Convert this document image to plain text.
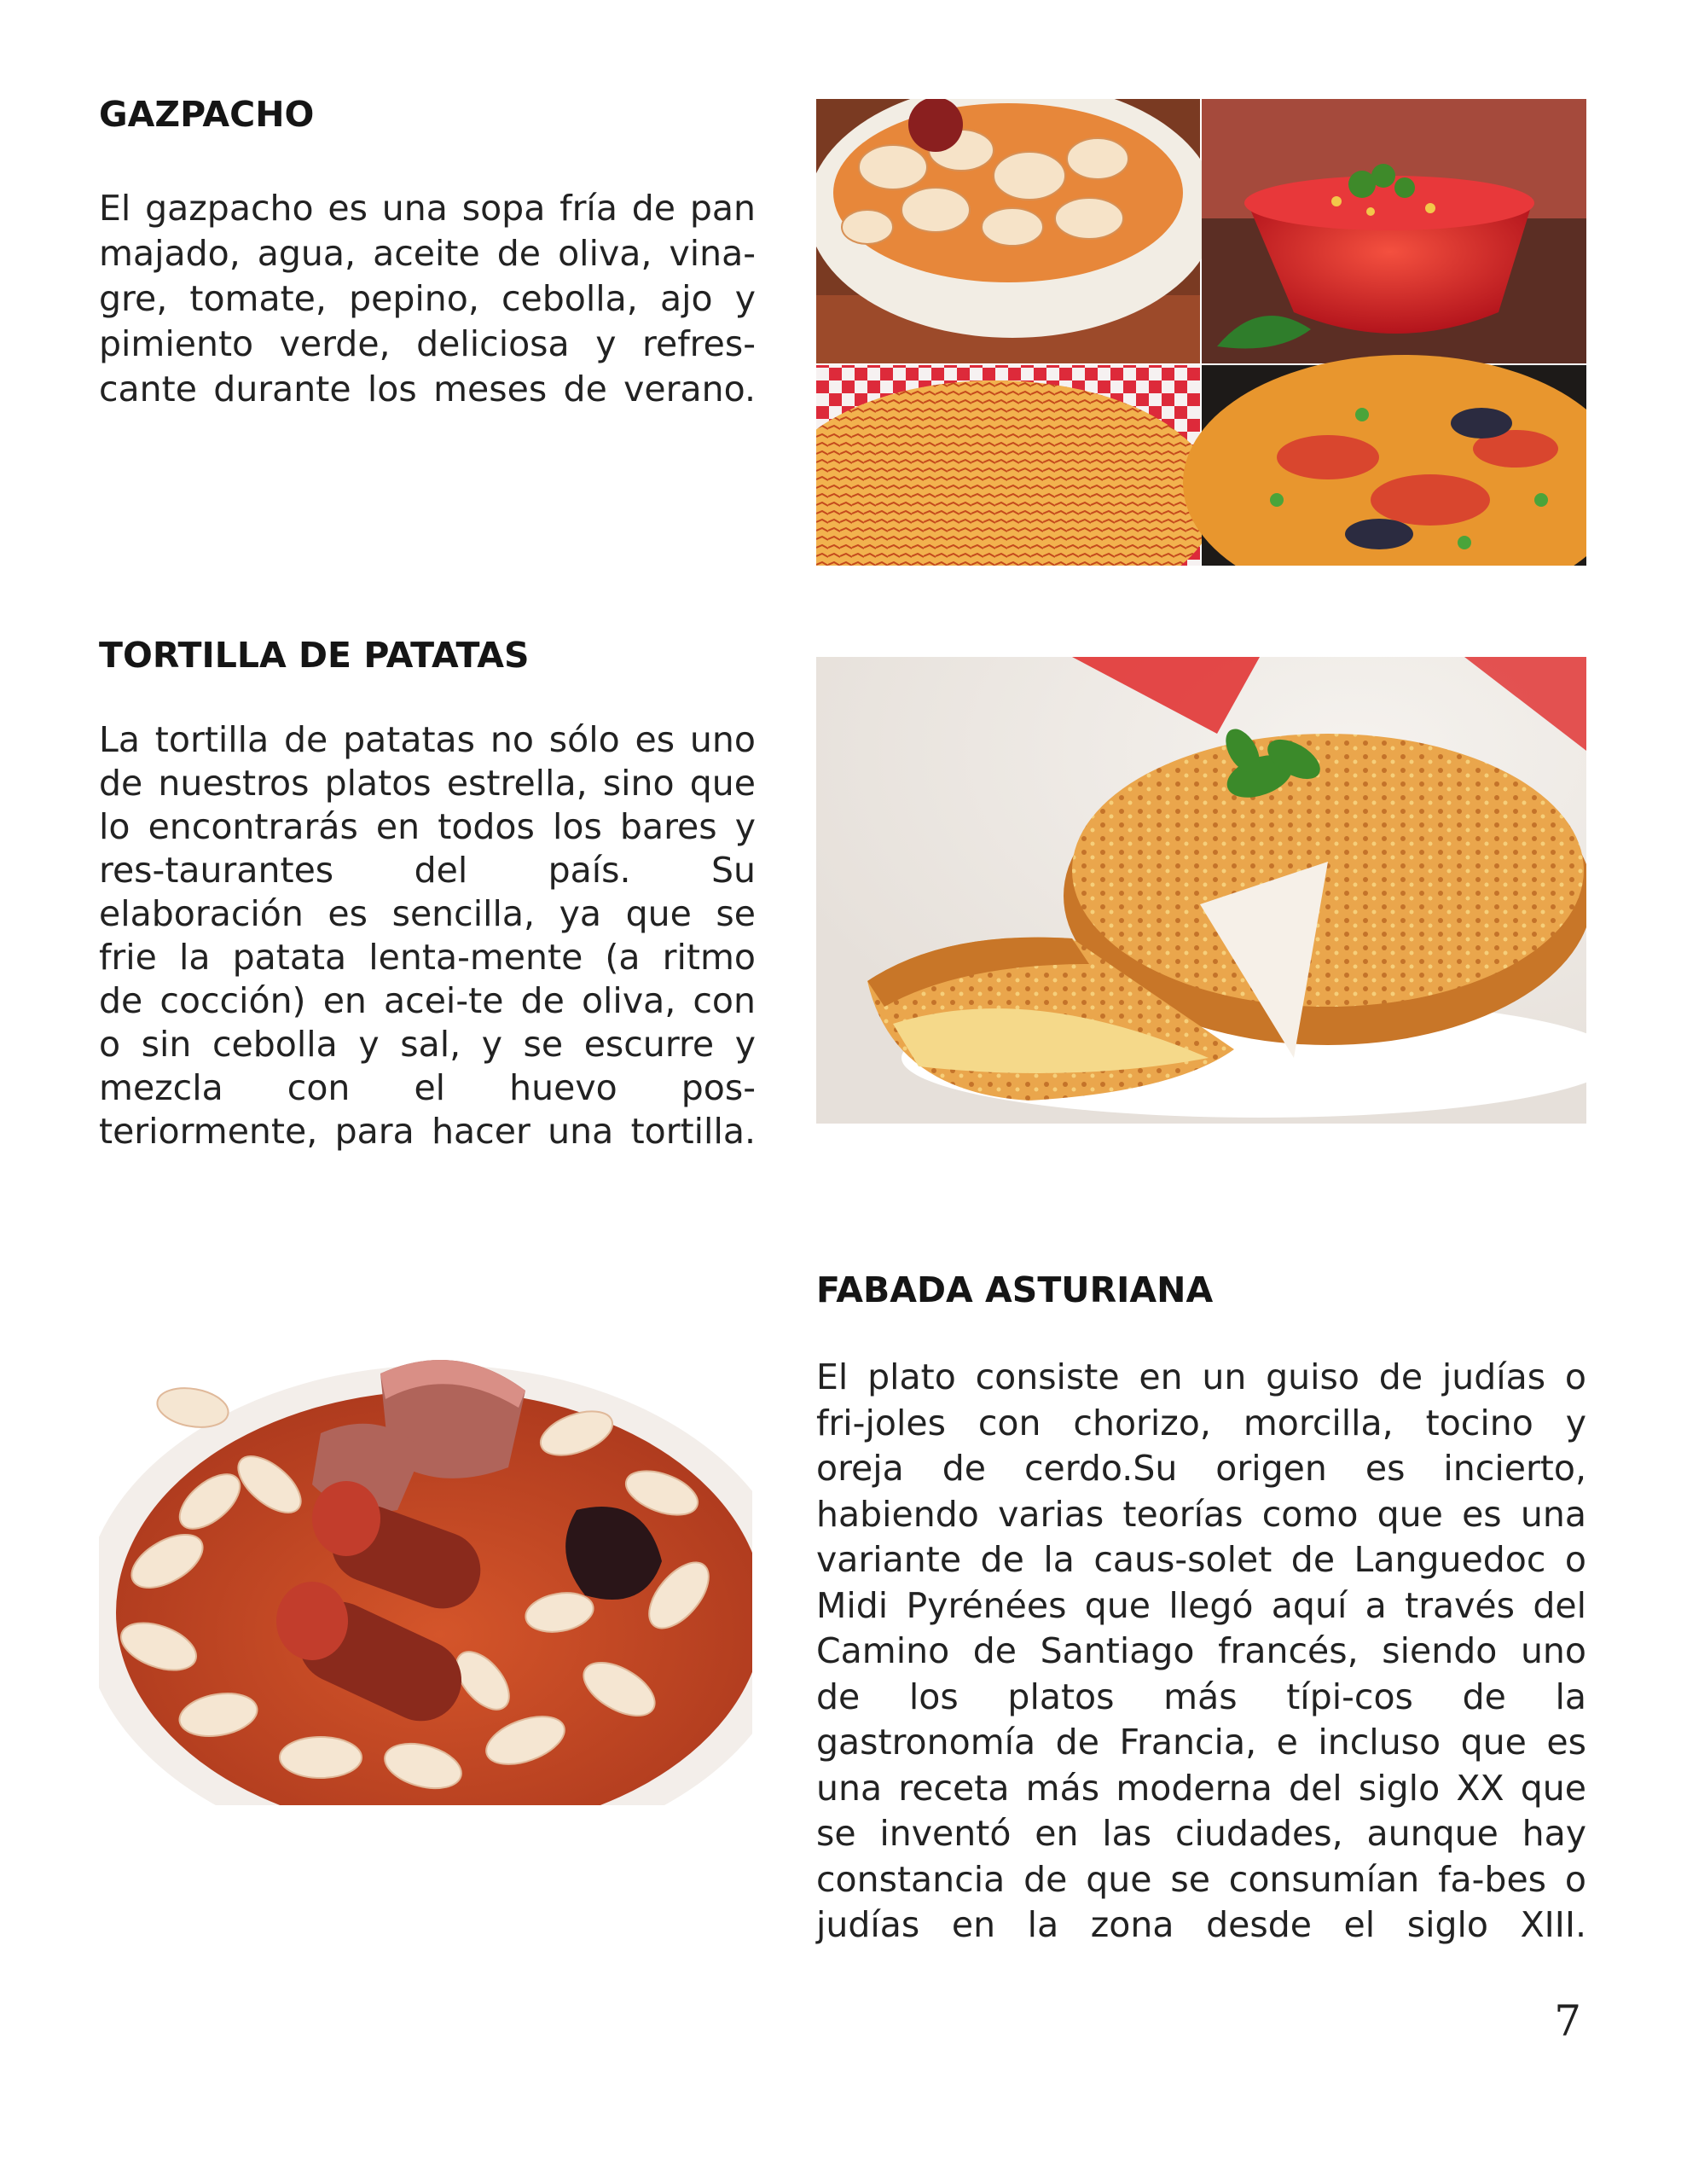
GAZPACHO

El gazpacho es una sopa fría de pan majado, agua, aceite de oliva, vina-gre, tomate, pepino, cebolla, ajo y pimiento verde, deliciosa y refres-cante durante los meses de verano.

TORTILLA DE PATATAS

La tortilla de patatas no sólo es uno de nuestros platos estrella, sino que lo encontrarás en todos los bares y res-taurantes del país. Su elaboración es sencilla, ya que se frie la patata lenta-mente (a ritmo de cocción) en acei-te de oliva, con o sin cebolla y sal, y se escurre y mezcla con el huevo pos-teriormente, para hacer una tortilla.

FABADA ASTURIANA

El plato consiste en un guiso de judías o fri-joles con chorizo, morcilla, tocino y oreja de cerdo.Su origen es incierto, habiendo varias teorías como que es una variante de la caus-solet de Languedoc o Midi Pyrénées que llegó aquí a través del Camino de Santiago francés, siendo uno de los platos más típi-cos de la gastronomía de Francia, e incluso que es una receta más moderna del siglo XX que se inventó en las ciudades, aunque hay constancia de que se consumían fa-bes o judías en la zona desde el siglo XIII.

7
